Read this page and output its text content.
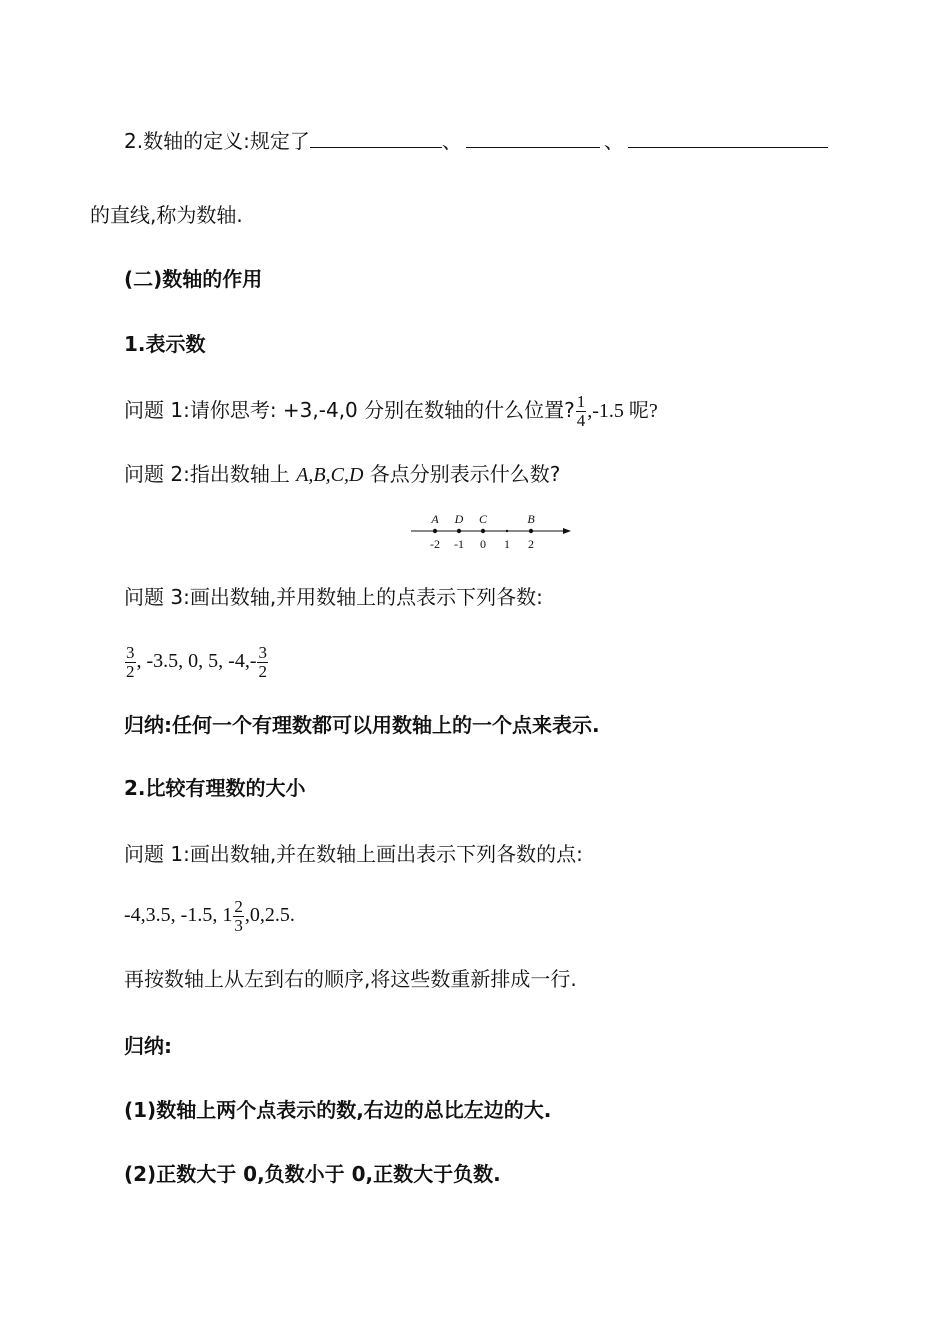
2.数轴的定义:规定了	、	、
的直线,称为数轴.
(二)数轴的作用
1.表示数
问题 1:请你思考: +3,-4,0 分别在数轴的什么位置? $\frac{1}{4} ,-1.5$ 呢?
问题 2:指出数轴上 A,B,C,D 各点分别表示什么数?
-2 -1 0 1 2
A D C	B
问题 3:画出数轴,并用数轴上的点表示下列各数:
$\frac{3}{2}$ , -3.5, 0, 5, $-4,- \frac{3}{2}$
归纳:任何一个有理数都可以用数轴上的一个点来表示.
2.比较有理数的大小
问题 1:画出数轴,并在数轴上画出表示下列各数的点:
-4,3.5, -1.5, $1 \frac{2}{3} ,0,2.5$.
再按数轴上从左到右的顺序,将这些数重新排成一行.
归纳:
(1)数轴上两个点表示的数,右边的总比左边的大.
(2)正数大于 0,负数小于 0,正数大于负数.
